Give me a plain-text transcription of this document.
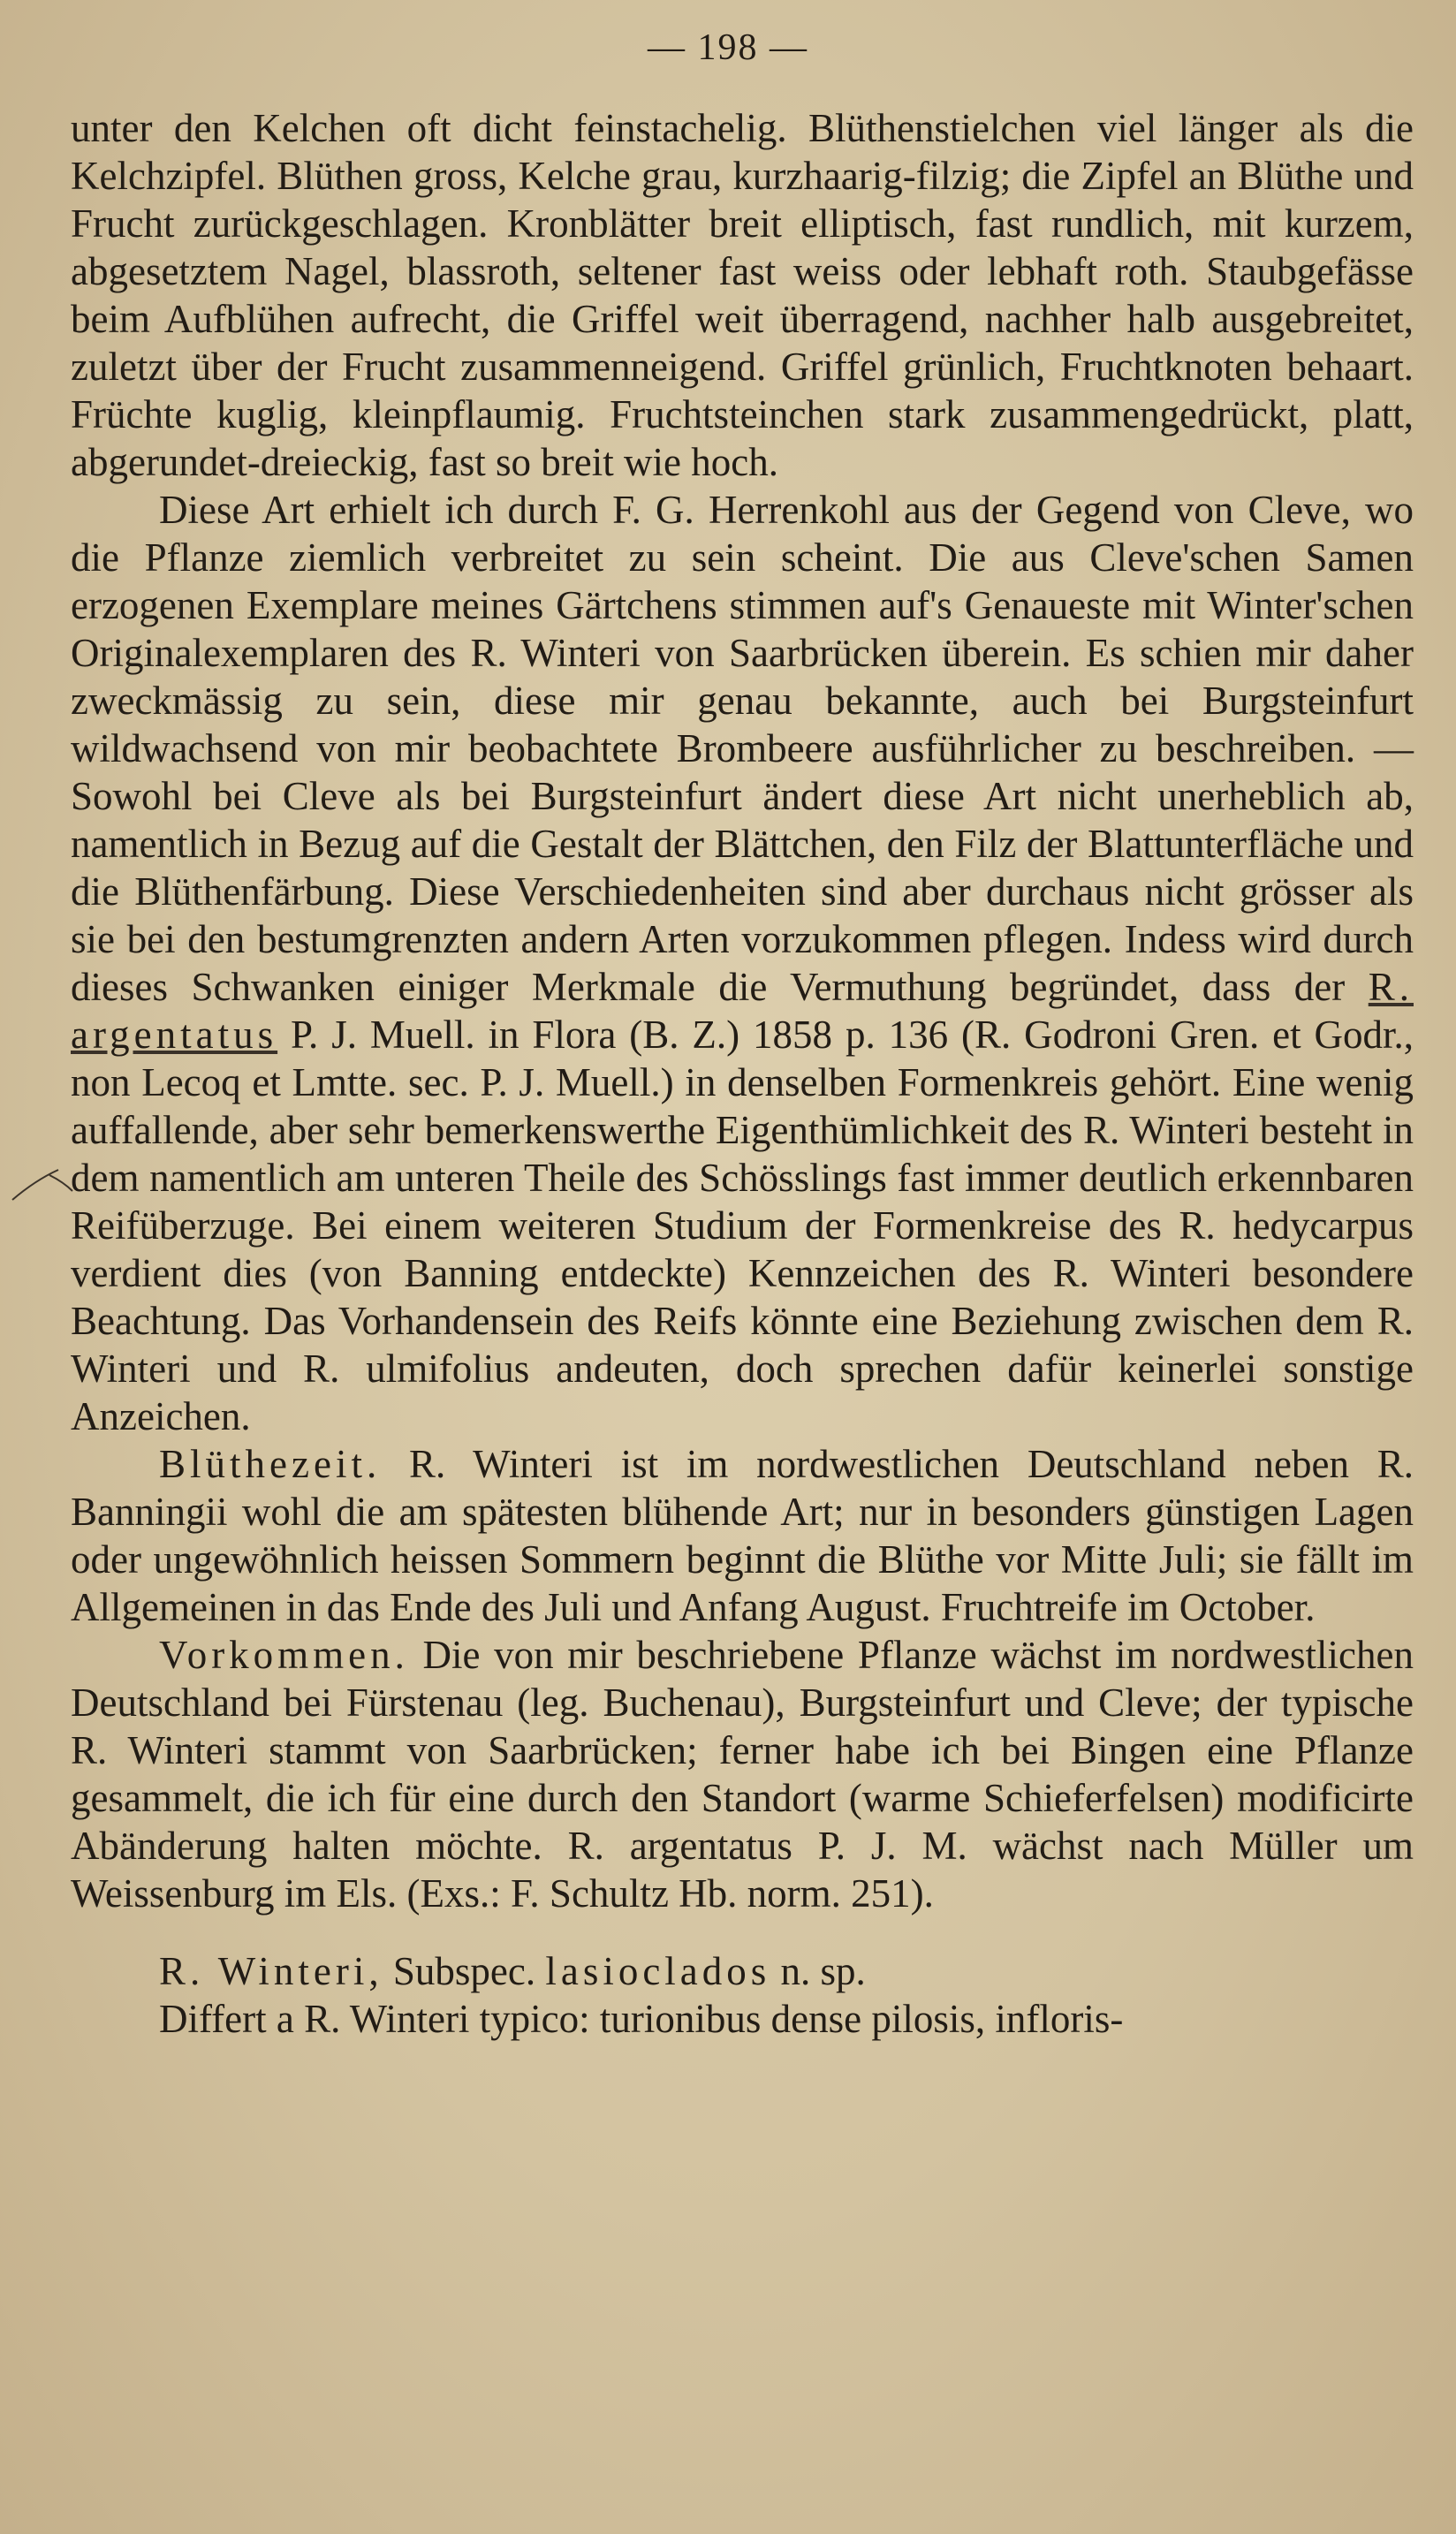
— 198 —

unter den Kelchen oft dicht feinstachelig. Blüthenstielchen viel länger als die Kelchzipfel. Blüthen gross, Kelche grau, kurzhaarig-filzig; die Zipfel an Blüthe und Frucht zurückgeschlagen. Kronblätter breit elliptisch, fast rundlich, mit kurzem, abgesetztem Nagel, blassroth, seltener fast weiss oder lebhaft roth. Staubgefässe beim Aufblühen aufrecht, die Griffel weit überragend, nachher halb ausgebreitet, zuletzt über der Frucht zusammenneigend. Griffel grünlich, Fruchtknoten behaart. Früchte kuglig, kleinpflaumig. Fruchtsteinchen stark zusammengedrückt, platt, abgerundet-dreieckig, fast so breit wie hoch.

Diese Art erhielt ich durch F. G. Herrenkohl aus der Gegend von Cleve, wo die Pflanze ziemlich verbreitet zu sein scheint. Die aus Cleve'schen Samen erzogenen Exemplare meines Gärtchens stimmen auf's Genaueste mit Winter'schen Originalexemplaren des R. Winteri von Saarbrücken überein. Es schien mir daher zweckmässig zu sein, diese mir genau bekannte, auch bei Burgsteinfurt wildwachsend von mir beobachtete Brombeere ausführlicher zu beschreiben. — Sowohl bei Cleve als bei Burgsteinfurt ändert diese Art nicht unerheblich ab, namentlich in Bezug auf die Gestalt der Blättchen, den Filz der Blattunterfläche und die Blüthenfärbung. Diese Verschiedenheiten sind aber durchaus nicht grösser als sie bei den bestumgrenzten andern Arten vorzukommen pflegen. Indess wird durch dieses Schwanken einiger Merkmale die Vermuthung begründet, dass der R. argentatus P. J. Muell. in Flora (B. Z.) 1858 p. 136 (R. Godroni Gren. et Godr., non Lecoq et Lmtte. sec. P. J. Muell.) in denselben Formenkreis gehört. Eine wenig auffallende, aber sehr bemerkenswerthe Eigenthümlichkeit des R. Winteri besteht in dem namentlich am unteren Theile des Schösslings fast immer deutlich erkennbaren Reifüberzuge. Bei einem weiteren Studium der Formenkreise des R. hedycarpus verdient dies (von Banning entdeckte) Kennzeichen des R. Winteri besondere Beachtung. Das Vorhandensein des Reifs könnte eine Beziehung zwischen dem R. Winteri und R. ulmifolius andeuten, doch sprechen dafür keinerlei sonstige Anzeichen.

Blüthezeit. R. Winteri ist im nordwestlichen Deutschland neben R. Banningii wohl die am spätesten blühende Art; nur in besonders günstigen Lagen oder ungewöhnlich heissen Sommern beginnt die Blüthe vor Mitte Juli; sie fällt im Allgemeinen in das Ende des Juli und Anfang August. Fruchtreife im October.

Vorkommen. Die von mir beschriebene Pflanze wächst im nordwestlichen Deutschland bei Fürstenau (leg. Buchenau), Burgsteinfurt und Cleve; der typische R. Winteri stammt von Saarbrücken; ferner habe ich bei Bingen eine Pflanze gesammelt, die ich für eine durch den Standort (warme Schieferfelsen) modificirte Abänderung halten möchte. R. argentatus P. J. M. wächst nach Müller um Weissenburg im Els. (Exs.: F. Schultz Hb. norm. 251).

R. Winteri, Subspec. lasioclados n. sp.

Differt a R. Winteri typico: turionibus dense pilosis, infloris-
